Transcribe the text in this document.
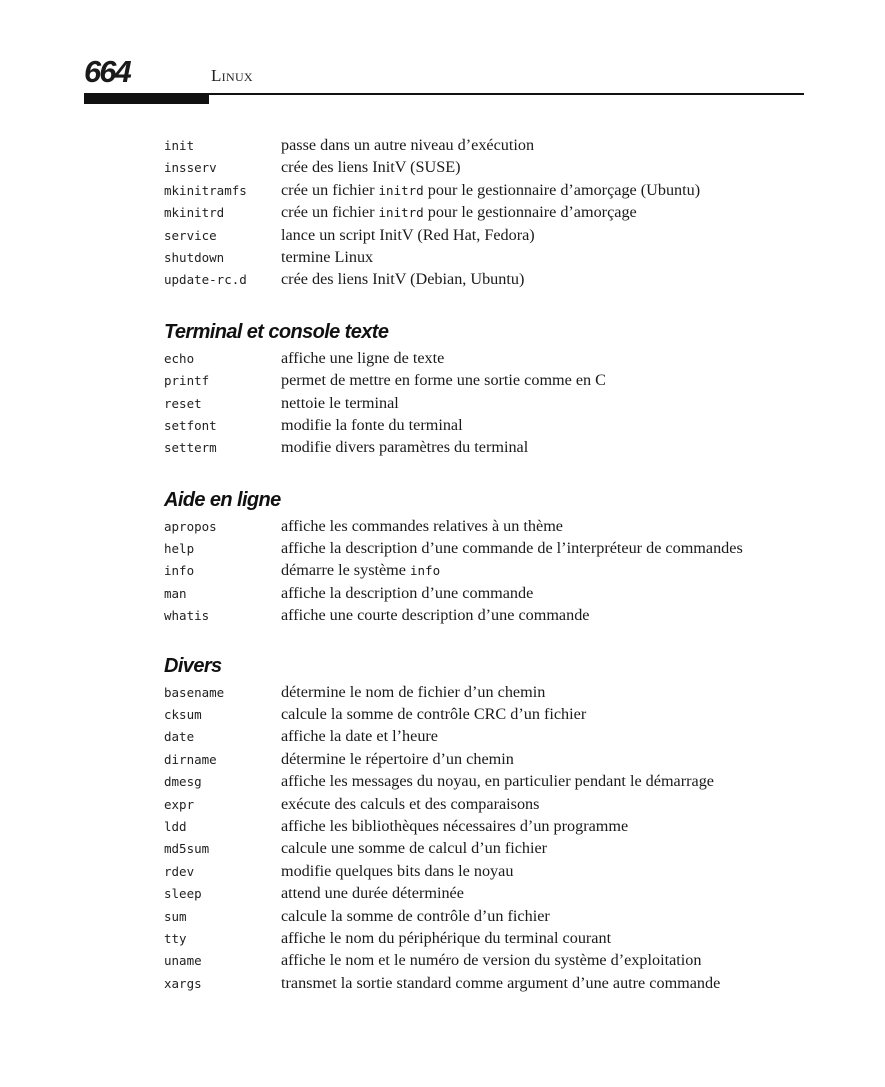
664	Linux
init	passe dans un autre niveau d’exécution
insserv	crée des liens InitV (SUSE)
mkinitramfs	crée un fichier initrd pour le gestionnaire d’amorçage (Ubuntu)
mkinitrd	crée un fichier initrd pour le gestionnaire d’amorçage
service	lance un script InitV (Red Hat, Fedora)
shutdown	termine Linux
update-rc.d	crée des liens InitV (Debian, Ubuntu)
Terminal et console texte
echo	affiche une ligne de texte
printf	permet de mettre en forme une sortie comme en C
reset	nettoie le terminal
setfont	modifie la fonte du terminal
setterm	modifie divers paramètres du terminal
Aide en ligne
apropos	affiche les commandes relatives à un thème
help	affiche la description d’une commande de l’interpréteur de commandes
info	démarre le système info
man	affiche la description d’une commande
whatis	affiche une courte description d’une commande
Divers
basename	détermine le nom de fichier d’un chemin
cksum	calcule la somme de contrôle CRC d’un fichier
date	affiche la date et l’heure
dirname	détermine le répertoire d’un chemin
dmesg	affiche les messages du noyau, en particulier pendant le démarrage
expr	exécute des calculs et des comparaisons
ldd	affiche les bibliothèques nécessaires d’un programme
md5sum	calcule une somme de calcul d’un fichier
rdev	modifie quelques bits dans le noyau
sleep	attend une durée déterminée
sum	calcule la somme de contrôle d’un fichier
tty	affiche le nom du périphérique du terminal courant
uname	affiche le nom et le numéro de version du système d’exploitation
xargs	transmet la sortie standard comme argument d’une autre commande
